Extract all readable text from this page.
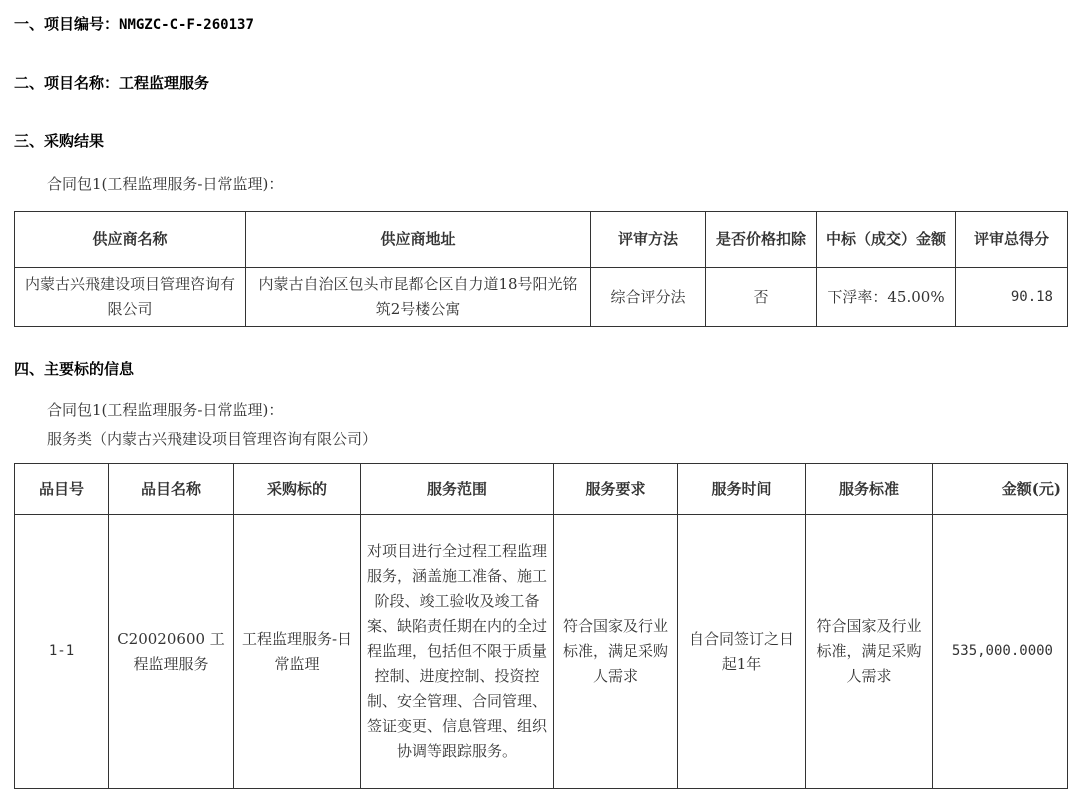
一、项目编号：NMGZC-C-F-260137
二、项目名称：工程监理服务
三、采购结果

合同包1(工程监理服务-日常监理)：

供应商名称	供应商地址	评审方法	是否价格扣除	中标（成交）金额	评审总得分
内蒙古兴飛建设项目管理咨询有限公司	内蒙古自治区包头市昆都仑区自力道18号阳光铭筑2号楼公寓	综合评分法	否	下浮率：45.00%	90.18
四、主要标的信息

合同包1(工程监理服务-日常监理)：

服务类（内蒙古兴飛建设项目管理咨询有限公司）

品目号	品目名称	采购标的	服务范围	服务要求	服务时间	服务标准	金额(元)
1-1	C20020600 工程监理服务	工程监理服务-日常监理	对项目进行全过程工程监理服务，涵盖施工准备、施工阶段、竣工验收及竣工备案、缺陷责任期在内的全过程监理，包括但不限于质量控制、进度控制、投资控制、安全管理、合同管理、签证变更、信息管理、组织协调等跟踪服务。	符合国家及行业标准，满足采购人需求	自合同签订之日起1年	符合国家及行业标准，满足采购人需求	535,000.0000
